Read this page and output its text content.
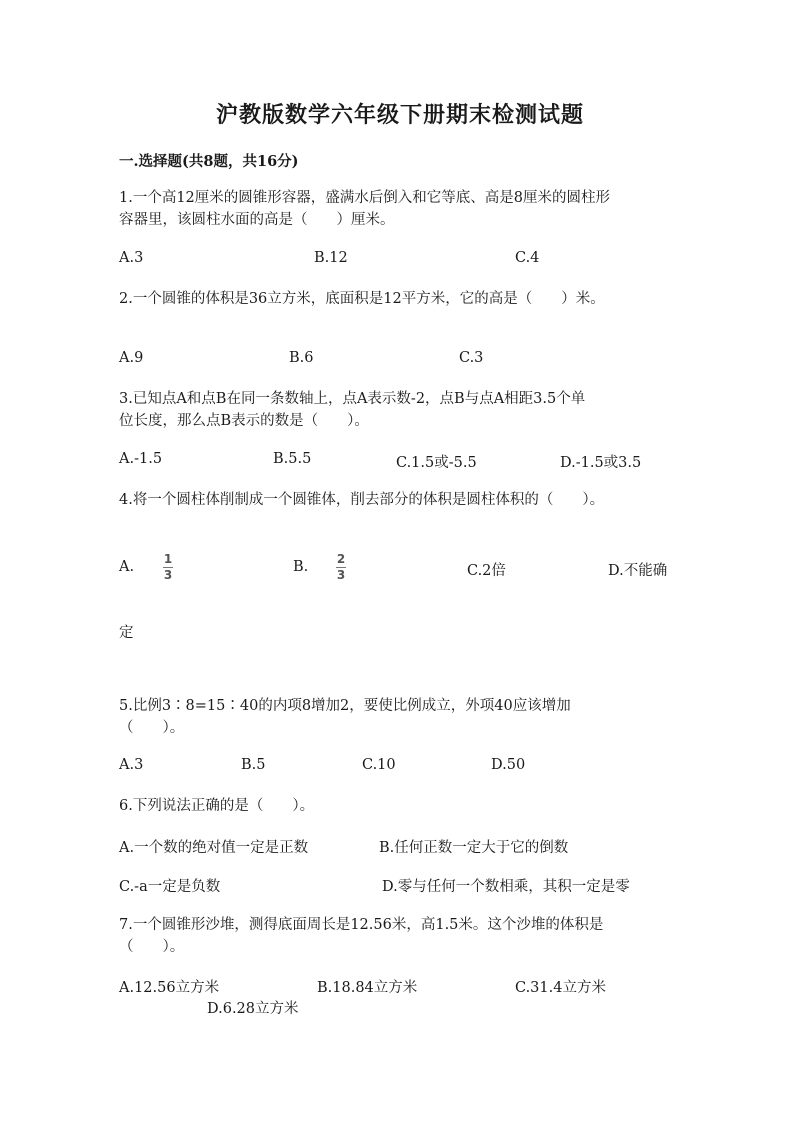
沪教版数学六年级下册期末检测试题
一.选择题(共8题，共16分)
1.一个高12厘米的圆锥形容器，盛满水后倒入和它等底、高是8厘米的圆柱形
容器里，该圆柱水面的高是（　　）厘米。
A.3	B.12	C.4
2.一个圆锥的体积是36立方米，底面积是12平方米，它的高是（　　）米。
A.9	B.6	C.3
3.已知点A和点B在同一条数轴上，点A表示数-2，点B与点A相距3.5个单
位长度，那么点B表示的数是（　　）。
A.-1.5	B.5.5	C.1.5或-5.5	D.-1.5或3.5
4.将一个圆柱体削制成一个圆锥体，削去部分的体积是圆柱体积的（　　）。
A. 1
3	B. 2
3	C.2倍	D.不能确
定
5.比例3∶8=15∶40的内项8增加2，要使比例成立，外项40应该增加
（　　）。
A.3	B.5	C.10	D.50
6.下列说法正确的是（　　）。
A.一个数的绝对值一定是正数	B.任何正数一定大于它的倒数
C.-a一定是负数	D.零与任何一个数相乘，其积一定是零
7.一个圆锥形沙堆，测得底面周长是12.56米，高1.5米。这个沙堆的体积是
（　　）。
A.12.56立方米	B.18.84立方米	C.31.4立方米
D.6.28立方米
